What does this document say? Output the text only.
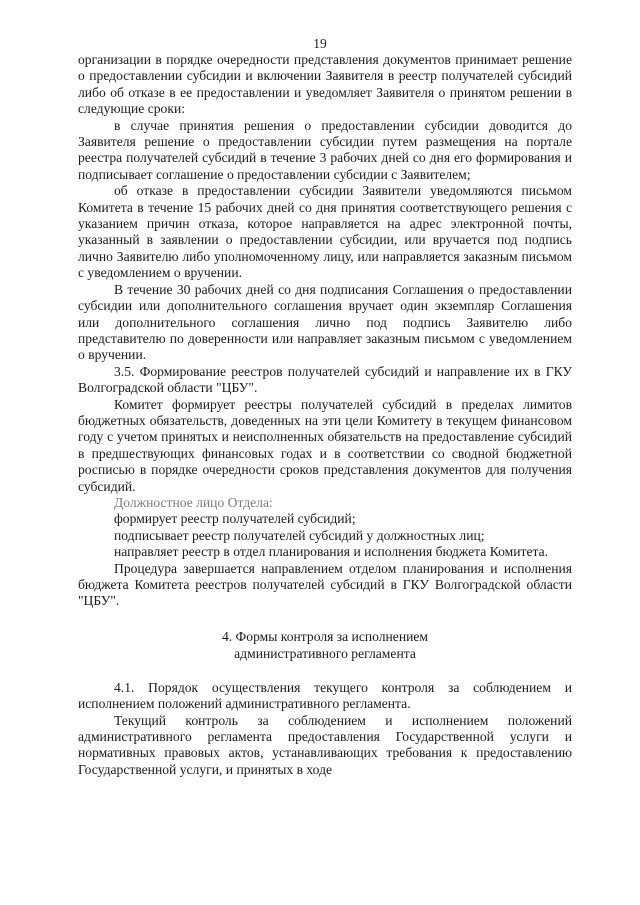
19

организации в порядке очередности представления документов принимает решение о предоставлении субсидии и включении Заявителя в реестр получателей субсидий либо об отказе в ее предоставлении и уведомляет Заявителя о принятом решении в следующие сроки:

в случае принятия решения о предоставлении субсидии доводится до Заявителя решение о предоставлении субсидии путем размещения на портале реестра получателей субсидий в течение 3 рабочих дней со дня его формирования и подписывает соглашение о предоставлении субсидии с Заявителем;

об отказе в предоставлении субсидии Заявители уведомляются письмом Комитета в течение 15 рабочих дней со дня принятия соответствующего решения с указанием причин отказа, которое направляется на адрес электронной почты, указанный в заявлении о предоставлении субсидии, или вручается под подпись лично Заявителю либо уполномоченному лицу, или направляется заказным письмом с уведомлением о вручении.

В течение 30 рабочих дней со дня подписания Соглашения о предоставлении субсидии или дополнительного соглашения вручает один экземпляр Соглашения или дополнительного соглашения лично под подпись Заявителю либо представителю по доверенности или направляет заказным письмом с уведомлением о вручении.

3.5. Формирование реестров получателей субсидий и направление их в ГКУ Волгоградской области "ЦБУ".

Комитет формирует реестры получателей субсидий в пределах лимитов бюджетных обязательств, доведенных на эти цели Комитету в текущем финансовом году с учетом принятых и неисполненных обязательств на предоставление субсидий в предшествующих финансовых годах и в соответствии со сводной бюджетной росписью в порядке очередности сроков представления документов для получения субсидий.

Должностное лицо Отдела:

формирует реестр получателей субсидий;

подписывает реестр получателей субсидий у должностных лиц;

направляет реестр в отдел планирования и исполнения бюджета Комитета.

Процедура завершается направлением отделом планирования и исполнения бюджета Комитета реестров получателей субсидий в ГКУ Волгоградской области "ЦБУ".

4. Формы контроля за исполнением
административного регламента

4.1. Порядок осуществления текущего контроля за соблюдением и исполнением положений административного регламента.

Текущий контроль за соблюдением и исполнением положений административного регламента предоставления Государственной услуги и нормативных правовых актов, устанавливающих требования к предоставлению Государственной услуги, и принятых в ходе
